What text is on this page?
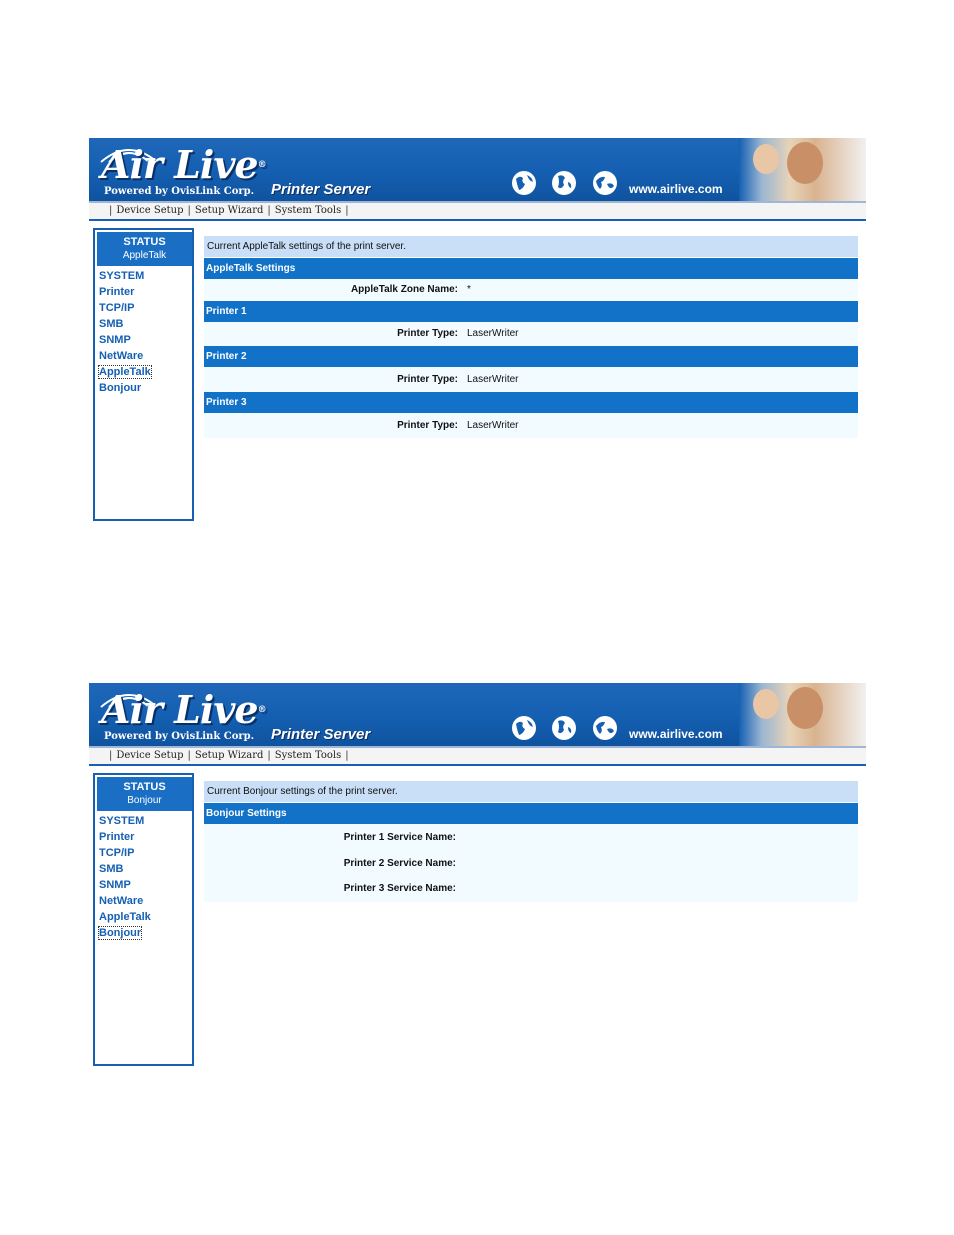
Air Live®
Powered by OvisLink Corp. Printer Server	www.airlive.com
| Device Setup | Setup Wizard | System Tools |
STATUS
AppleTalk
SYSTEM
Printer
TCP/IP
SMB
SNMP
NetWare
AppleTalk
Bonjour
Current AppleTalk settings of the print server.
AppleTalk Settings
AppleTalk Zone Name: *
Printer 1
Printer Type: LaserWriter
Printer 2
Printer Type: LaserWriter
Printer 3
Printer Type: LaserWriter
Air Live®
Powered by OvisLink Corp. Printer Server	www.airlive.com
| Device Setup | Setup Wizard | System Tools |
STATUS
Bonjour
SYSTEM
Printer
TCP/IP
SMB
SNMP
NetWare
AppleTalk
Bonjour
Current Bonjour settings of the print server.
Bonjour Settings
Printer 1 Service Name:
Printer 2 Service Name:
Printer 3 Service Name:
